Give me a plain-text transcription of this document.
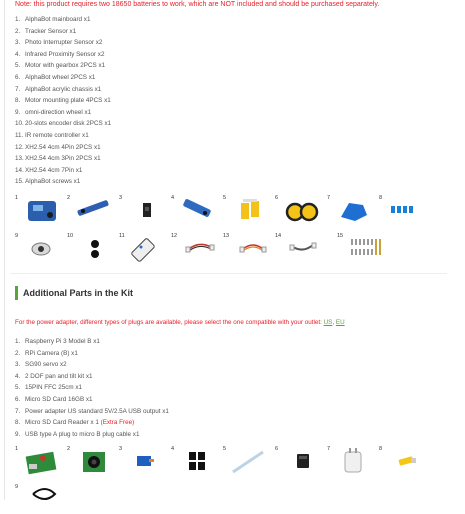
Note: this product requires two 18650 batteries to work, which are NOT included and should be purchased separately.
1. AlphaBot mainboard x1
2. Tracker Sensor x1
3. Photo Interrupter Sensor x2
4. Infrared Proximity Sensor x2
5. Motor with gearbox 2PCS x1
6. AlphaBot wheel 2PCS x1
7. AlphaBot acrylic chassis x1
8. Motor mounting plate 4PCS x1
9. omni-direction wheel x1
10.20-slots encoder disk 2PCS x1
11. IR remote controller x1
12.XH2.54 4cm 4Pin 2PCS x1
13.XH2.54 4cm 3Pin 2PCS x1
14.XH2.54 4cm 7Pin x1
15.AlphaBot screws x1
1	2	3	4	5	6	7	8
9	10	11	12	13	14	15
Additional Parts in the Kit
For the power adapter, different types of plugs are available, please select the one compatible with your outlet: US, EU
1. Raspberry Pi 3 Model B x1
2. RPi Camera (B) x1
3. SG90 servo x2
4. 2 DOF pan and tilt kit x1
5. 15PIN FFC 25cm x1
6. Micro SD Card 16GB x1
7. Power adapter US standard 5V/2.5A USB output x1
8. Micro SD Card Reader x 1 (Extra Free)
9. USB type A plug to micro B plug cable x1
1	2	3	4	5	6	7	8
9
